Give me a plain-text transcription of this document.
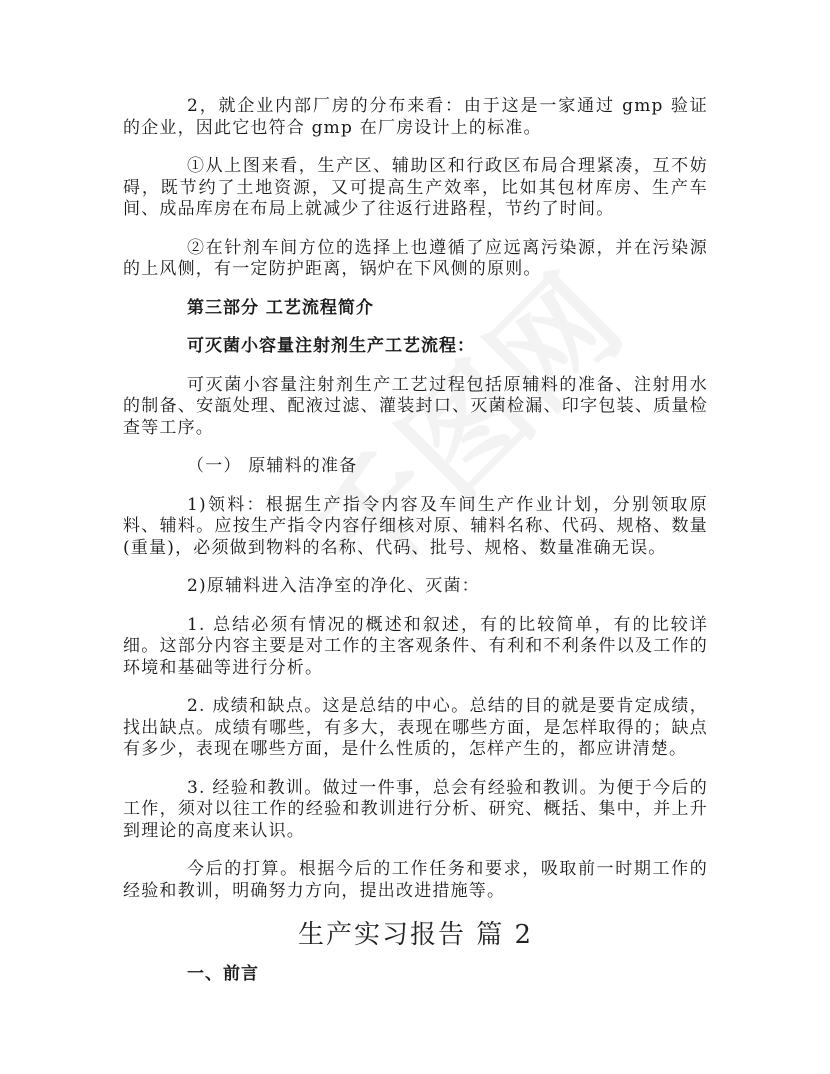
2，就企业内部厂房的分布来看：由于这是一家通过 gmp 验证的企业，因此它也符合 gmp 在厂房设计上的标准。

①从上图来看，生产区、辅助区和行政区布局合理紧凑，互不妨碍，既节约了土地资源，又可提高生产效率，比如其包材库房、生产车间、成品库房在布局上就减少了往返行进路程，节约了时间。

②在针剂车间方位的选择上也遵循了应远离污染源，并在污染源的上风侧，有一定防护距离，锅炉在下风侧的原则。

第三部分 工艺流程简介

可灭菌小容量注射剂生产工艺流程：

可灭菌小容量注射剂生产工艺过程包括原辅料的准备、注射用水的制备、安瓿处理、配液过滤、灌装封口、灭菌检漏、印字包装、质量检查等工序。

（一） 原辅料的准备

1)领料：根据生产指令内容及车间生产作业计划，分别领取原料、辅料。应按生产指令内容仔细核对原、辅料名称、代码、规格、数量(重量)，必须做到物料的名称、代码、批号、规格、数量准确无误。

2)原辅料进入洁净室的净化、灭菌：

1. 总结必须有情况的概述和叙述，有的比较简单，有的比较详细。这部分内容主要是对工作的主客观条件、有利和不利条件以及工作的环境和基础等进行分析。

2. 成绩和缺点。这是总结的中心。总结的目的就是要肯定成绩，找出缺点。成绩有哪些，有多大，表现在哪些方面，是怎样取得的；缺点有多少，表现在哪些方面，是什么性质的，怎样产生的，都应讲清楚。

3. 经验和教训。做过一件事，总会有经验和教训。为便于今后的工作，须对以往工作的经验和教训进行分析、研究、概括、集中，并上升到理论的高度来认识。

今后的打算。根据今后的工作任务和要求，吸取前一时期工作的经验和教训，明确努力方向，提出改进措施等。

生产实习报告 篇 2

一、前言
